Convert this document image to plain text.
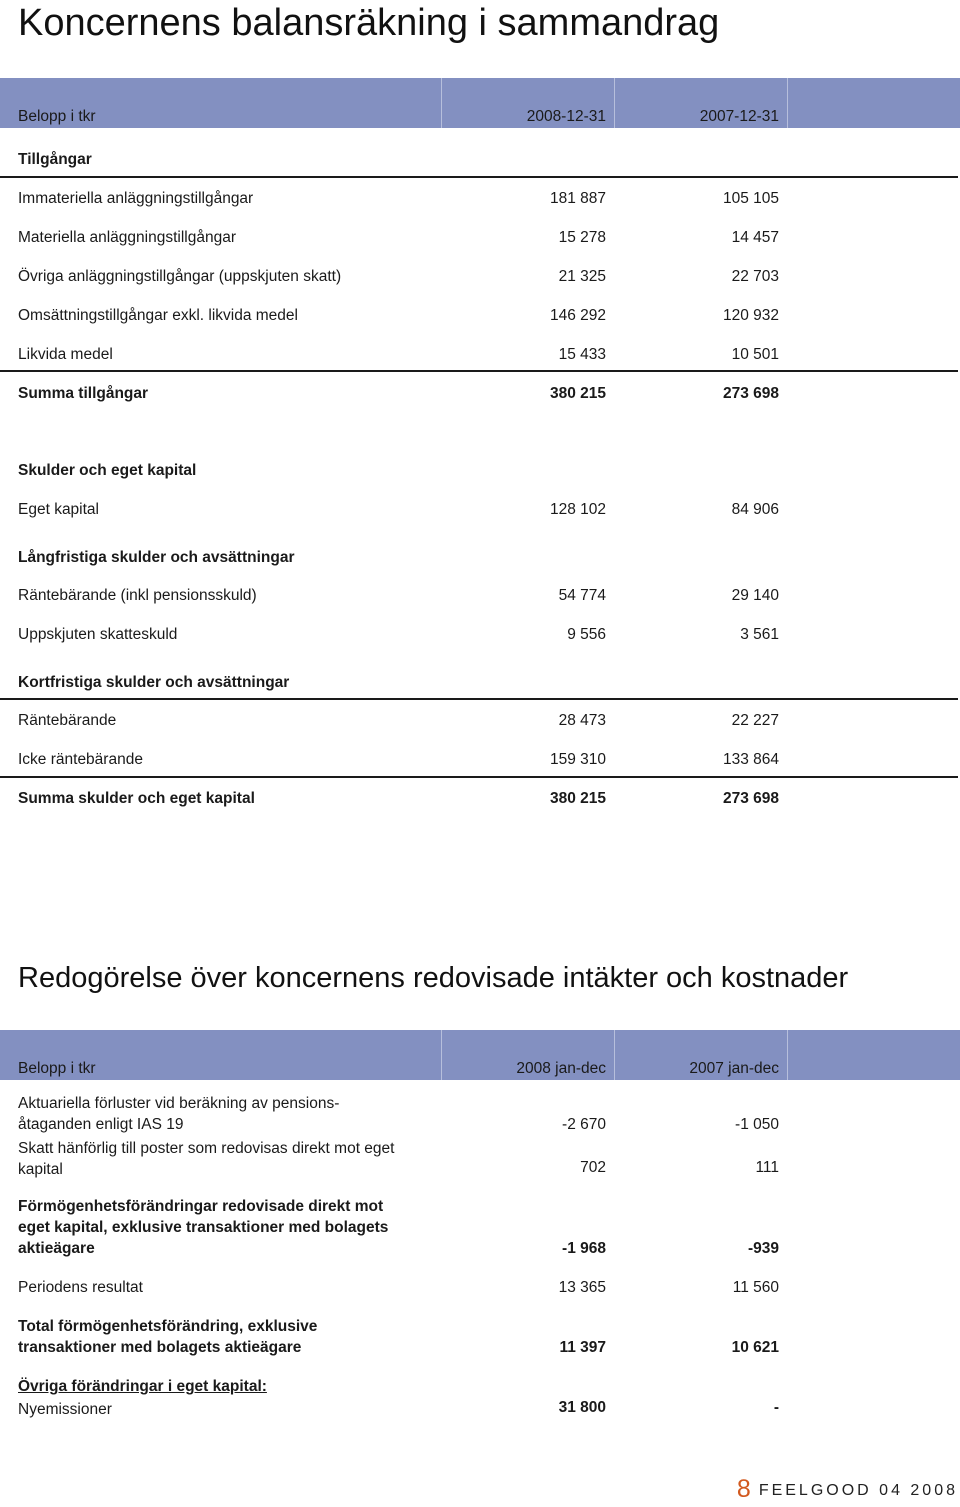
Koncernens balansräkning i sammandrag
Belopp i tkr	2008-12-31	2007-12-31
Tillgångar
Immateriella anläggningstillgångar	181 887	105 105
Materiella anläggningstillgångar	15 278	14 457
Övriga anläggningstillgångar (uppskjuten skatt)	21 325	22 703
Omsättningstillgångar exkl. likvida medel	146 292	120 932
Likvida medel	15 433	10 501
Summa tillgångar	380 215	273 698
Skulder och eget kapital
Eget kapital	128 102	84 906
Långfristiga skulder och avsättningar
Räntebärande (inkl pensionsskuld)	54 774	29 140
Uppskjuten skatteskuld	9 556	3 561
Kortfristiga skulder och avsättningar
Räntebärande	28 473	22 227
Icke räntebärande	159 310	133 864
Summa skulder och eget kapital	380 215	273 698
Redogörelse över koncernens redovisade intäkter och kostnader
Belopp i tkr	2008 jan-dec	2007 jan-dec
Aktuariella förluster vid beräkning av pensions-
åtaganden enligt IAS 19	-2 670	-1 050
Skatt hänförlig till poster som redovisas direkt mot eget
kapital	702	111
Förmögenhetsförändringar redovisade direkt mot
eget kapital, exklusive transaktioner med bolagets
aktieägare	-1 968	-939
Periodens resultat	13 365	11 560
Total förmögenhetsförändring, exklusive
transaktioner med bolagets aktieägare	11 397	10 621
Övriga förändringar i eget kapital:
Nyemissioner	31 800	-
8 FEELGOOD 04 2008
